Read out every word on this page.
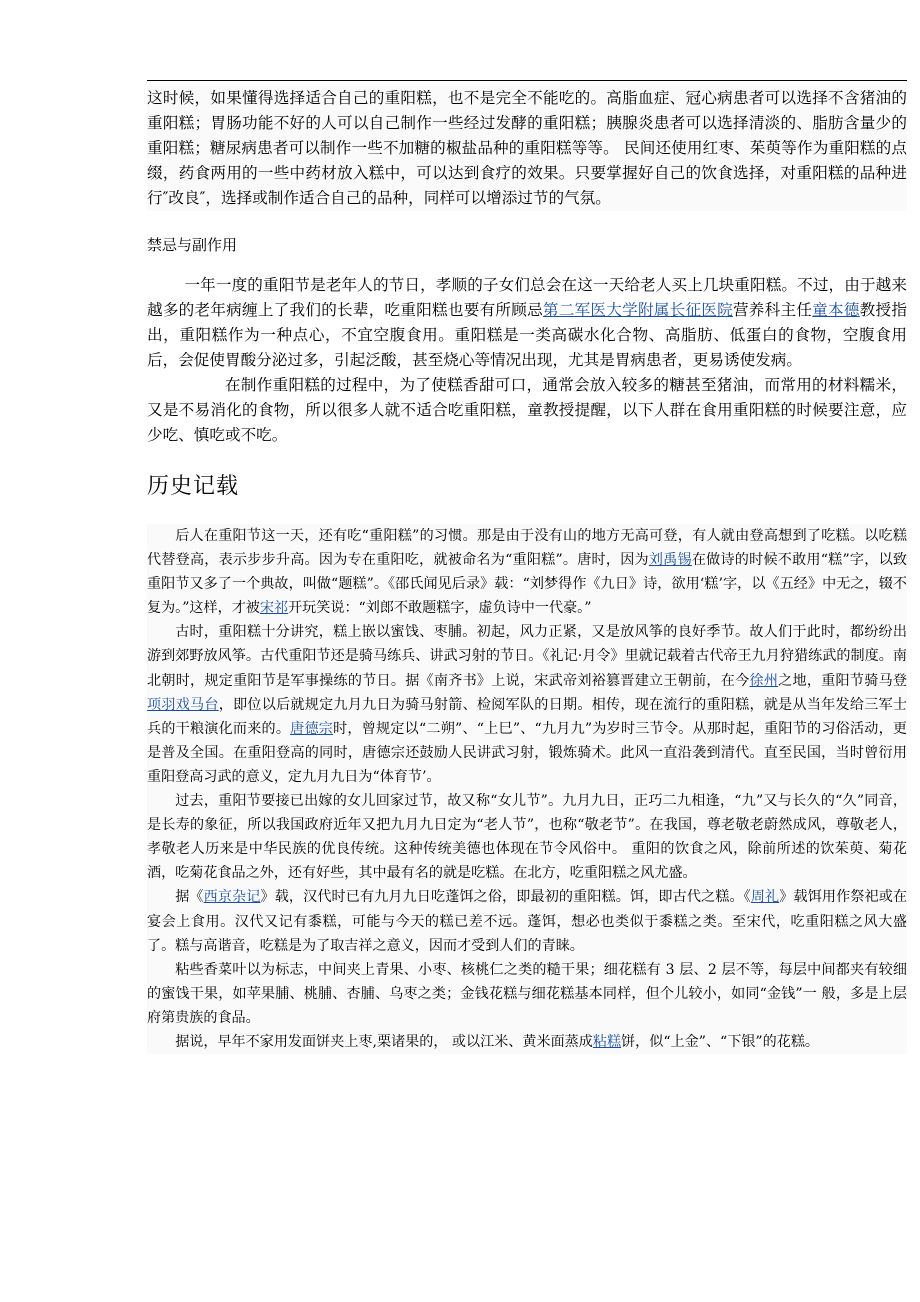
这时候，如果懂得选择适合自己的重阳糕，也不是完全不能吃的。高脂血症、冠心病患者可以选择不含猪油的重阳糕；胃肠功能不好的人可以自己制作一些经过发酵的重阳糕；胰腺炎患者可以选择清淡的、脂肪含量少的重阳糕；糖尿病患者可以制作一些不加糖的椒盐品种的重阳糕等等。 民间还使用红枣、茱萸等作为重阳糕的点缀，药食两用的一些中药材放入糕中，可以达到食疗的效果。只要掌握好自己的饮食选择，对重阳糕的品种进行″改良″，选择或制作适合自己的品种，同样可以增添过节的气氛。
禁忌与副作用

一年一度的重阳节是老年人的节日，孝顺的子女们总会在这一天给老人买上几块重阳糕。不过，由于越来越多的老年病缠上了我们的长辈，吃重阳糕也要有所顾忌第二军医大学附属长征医院营养科主任童本德教授指出，重阳糕作为一种点心，不宜空腹食用。重阳糕是一类高碳水化合物、高脂肪、低蛋白的食物，空腹食用后，会促使胃酸分泌过多，引起泛酸，甚至烧心等情况出现，尤其是胃病患者，更易诱使发病。

在制作重阳糕的过程中，为了使糕香甜可口，通常会放入较多的糖甚至猪油，而常用的材料糯米，又是不易消化的食物，所以很多人就不适合吃重阳糕，童教授提醒，以下人群在食用重阳糕的时候要注意，应少吃、慎吃或不吃。

历史记载

后人在重阳节这一天，还有吃“重阳糕”的习惯。那是由于没有山的地方无高可登，有人就由登高想到了吃糕。以吃糕代替登高，表示步步升高。因为专在重阳吃，就被命名为“重阳糕”。唐时，因为刘禹锡在做诗的时候不敢用“糕”字，以致重阳节又多了一个典故，叫做“题糕”。《邵氏闻见后录》载：“刘梦得作《九日》诗，欲用‘糕’字，以《五经》中无之，辍不复为。”这样，才被宋祁开玩笑说：“刘郎不敢题糕字，虚负诗中一代豪。”

古时，重阳糕十分讲究，糕上嵌以蜜饯、枣脯。初起，风力正紧，又是放风筝的良好季节。故人们于此时，都纷纷出游到郊野放风筝。古代重阳节还是骑马练兵、讲武习射的节日。《礼记·月令》里就记载着古代帝王九月狩猎练武的制度。南北朝时，规定重阳节是军事操练的节日。据《南齐书》上说，宋武帝刘裕篡晋建立王朝前，在今徐州之地，重阳节骑马登项羽戏马台，即位以后就规定九月九日为骑马射箭、检阅军队的日期。相传，现在流行的重阳糕，就是从当年发给三军士兵的干粮演化而来的。唐德宗时，曾规定以“二朔”、“上巳”、“九月九”为岁时三节令。从那时起，重阳节的习俗活动，更是普及全国。在重阳登高的同时，唐德宗还鼓励人民讲武习射，锻炼骑术。此风一直沿袭到清代。直至民国，当时曾衍用重阳登高习武的意义，定九月九日为“体育节’。

过去，重阳节要接已出嫁的女儿回家过节，故又称“女儿节”。九月九日，正巧二九相逢，“九”又与长久的“久”同音，是长寿的象征，所以我国政府近年又把九月九日定为“老人节”，也称“敬老节”。在我国，尊老敬老蔚然成风，尊敬老人，孝敬老人历来是中华民族的优良传统。这种传统美德也体现在节令风俗中。 重阳的饮食之风，除前所述的饮茱萸、菊花酒，吃菊花食品之外，还有好些，其中最有名的就是吃糕。在北方，吃重阳糕之风尤盛。

据《西京杂记》载，汉代时已有九月九日吃蓬饵之俗，即最初的重阳糕。饵，即古代之糕。《周礼》载饵用作祭祀或在宴会上食用。汉代又记有黍糕，可能与今天的糕已差不远。蓬饵，想必也类似于黍糕之类。至宋代，吃重阳糕之风大盛了。糕与高谐音，吃糕是为了取吉祥之意义，因而才受到人们的青睐。

粘些香菜叶以为标志，中间夹上青果、小枣、核桃仁之类的糙干果；细花糕有 3 层、2 层不等，每层中间都夹有较细的蜜饯干果，如苹果脯、桃脯、杏脯、乌枣之类；金钱花糕与细花糕基本同样，但个儿较小，如同“金钱”一 般，多是上层府第贵族的食品。

据说，早年不家用发面饼夹上枣,栗诸果的， 或以江米、黄米面蒸成粘糕饼，似“上金”、“下银”的花糕。
